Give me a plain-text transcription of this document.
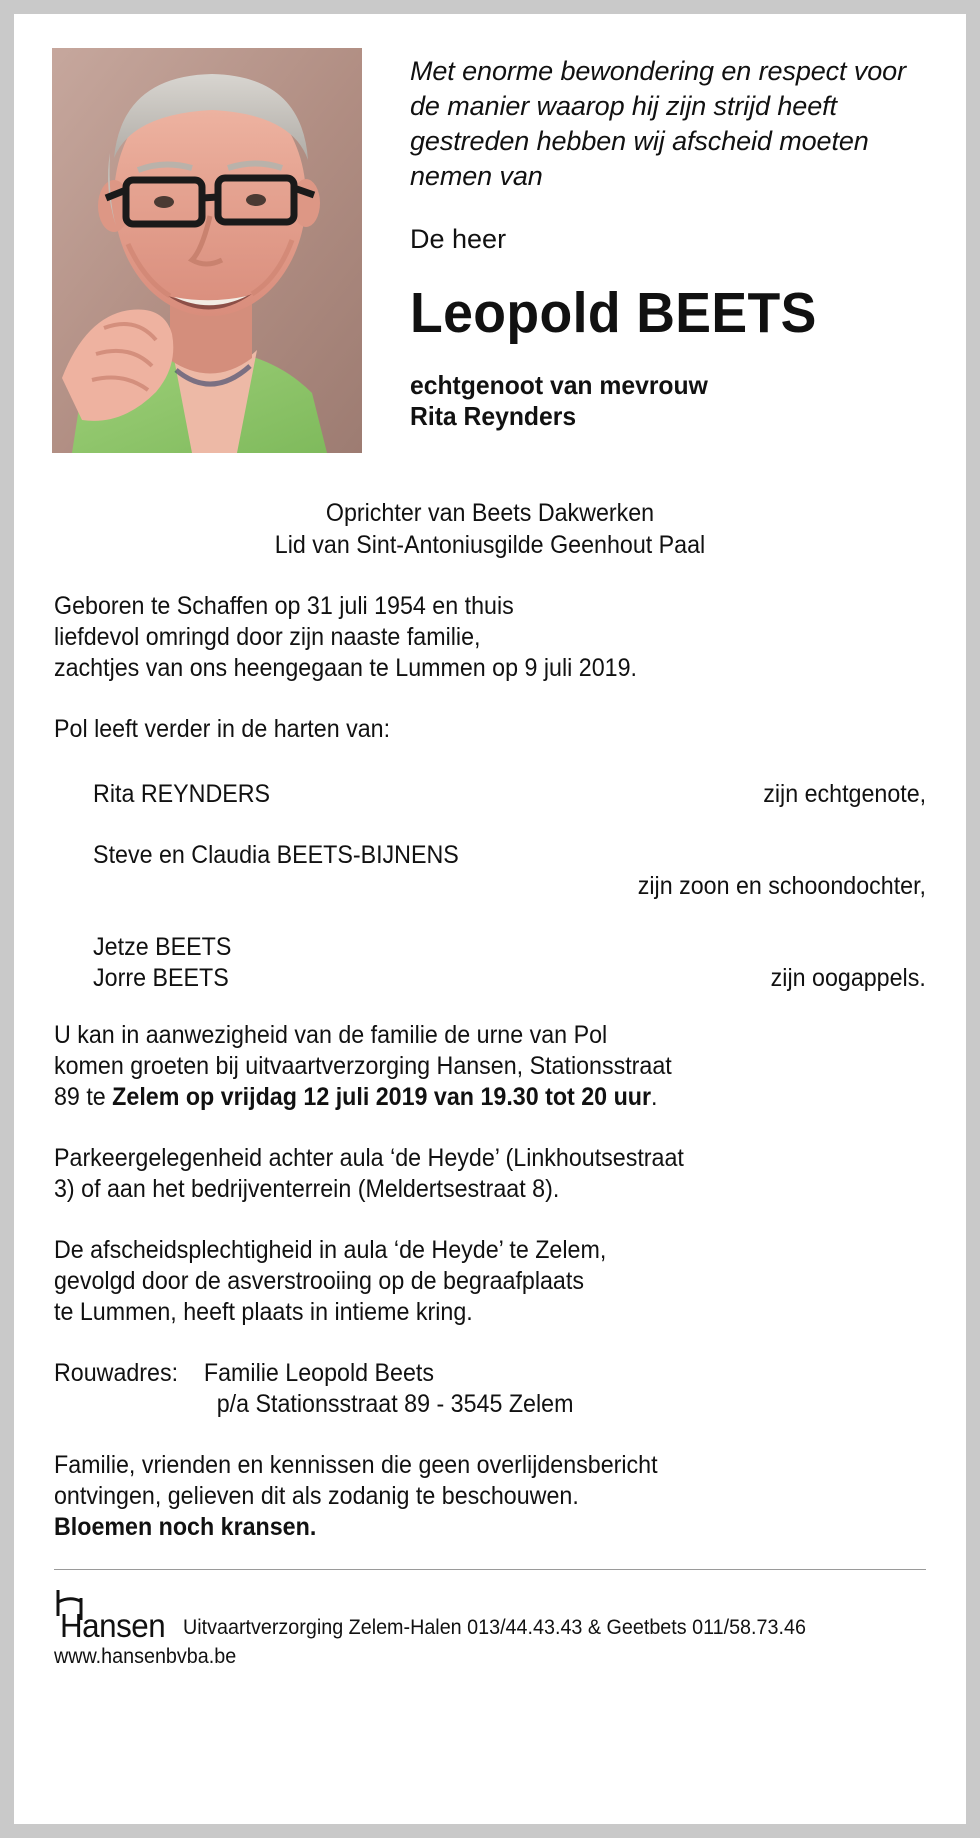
Met enorme bewondering en respect voor de manier waarop hij zijn strijd heeft gestreden hebben wij afscheid moeten nemen van
De heer
Leopold BEETS
echtgenoot van mevrouw
Rita Reynders
Oprichter van Beets Dakwerken
Lid van Sint-Antoniusgilde Geenhout Paal
Geboren te Schaffen op 31 juli 1954 en thuis
liefdevol omringd door zijn naaste familie,
zachtjes van ons heengegaan te Lummen op 9 juli 2019.
Pol leeft verder in de harten van:
Rita REYNDERS	zijn echtgenote,
Steve en Claudia BEETS-BIJNENS
zijn zoon en schoondochter,
Jetze BEETS
Jorre BEETS	zijn oogappels.
U kan in aanwezigheid van de familie de urne van Pol
komen groeten bij uitvaartverzorging Hansen, Stationsstraat
89 te Zelem op vrijdag 12 juli 2019 van 19.30 tot 20 uur.
Parkeergelegenheid achter aula ‘de Heyde’ (Linkhoutsestraat
3) of aan het bedrijventerrein (Meldertsestraat 8).
De afscheidsplechtigheid in aula ‘de Heyde’ te Zelem,
gevolgd door de asverstrooiing op de begraafplaats
te Lummen, heeft plaats in intieme kring.
Rouwadres: Familie Leopold Beets
p/a Stationsstraat 89 - 3545 Zelem
Familie, vrienden en kennissen die geen overlijdensbericht
ontvingen, gelieven dit als zodanig te beschouwen.
Bloemen noch kransen.
Hansen Uitvaartverzorging Zelem-Halen 013/44.43.43 & Geetbets 011/58.73.46
www.hansenbvba.be
